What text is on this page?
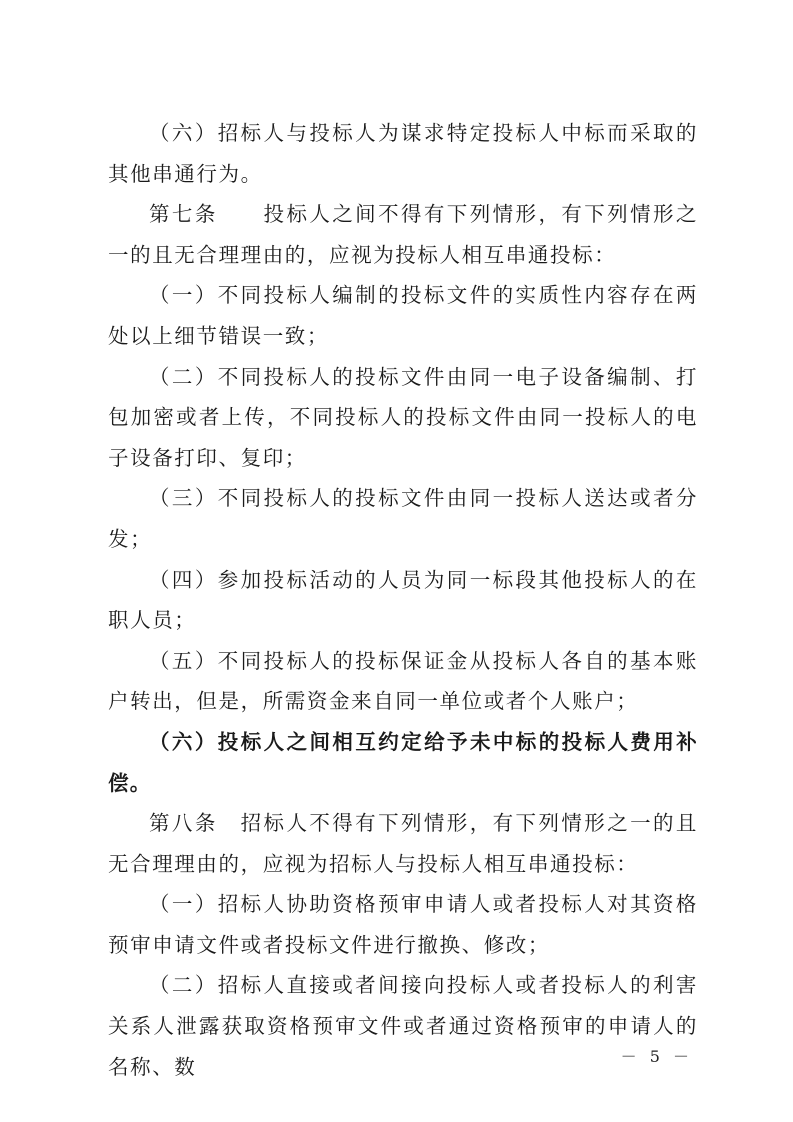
（六）招标人与投标人为谋求特定投标人中标而采取的其他串通行为。

第七条　　投标人之间不得有下列情形，有下列情形之一的且无合理理由的，应视为投标人相互串通投标：

（一）不同投标人编制的投标文件的实质性内容存在两处以上细节错误一致；

（二）不同投标人的投标文件由同一电子设备编制、打包加密或者上传，不同投标人的投标文件由同一投标人的电子设备打印、复印；

（三）不同投标人的投标文件由同一投标人送达或者分发；

（四）参加投标活动的人员为同一标段其他投标人的在职人员；

（五）不同投标人的投标保证金从投标人各自的基本账户转出，但是，所需资金来自同一单位或者个人账户；

（六）投标人之间相互约定给予未中标的投标人费用补偿。

第八条　招标人不得有下列情形，有下列情形之一的且无合理理由的，应视为招标人与投标人相互串通投标：

（一）招标人协助资格预审申请人或者投标人对其资格预审申请文件或者投标文件进行撤换、修改；

（二）招标人直接或者间接向投标人或者投标人的利害关系人泄露获取资格预审文件或者通过资格预审的申请人的名称、数	－ 5 －
